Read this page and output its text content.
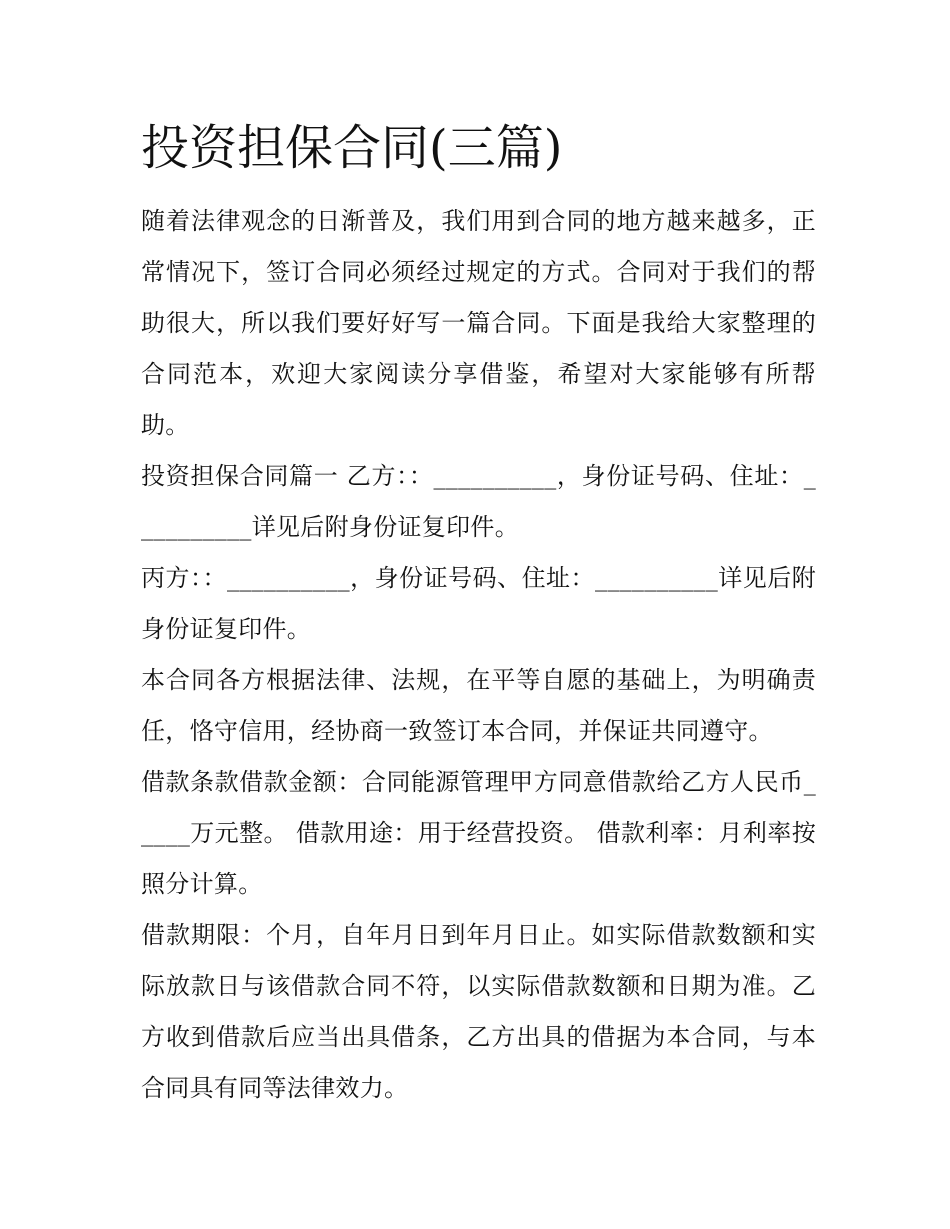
投资担保合同(三篇)

随着法律观念的日渐普及，我们用到合同的地方越来越多，正常情况下，签订合同必须经过规定的方式。合同对于我们的帮助很大，所以我们要好好写一篇合同。下面是我给大家整理的合同范本，欢迎大家阅读分享借鉴，希望对大家能够有所帮助。

投资担保合同篇一 乙方：：__________，身份证号码、住址：__________详见后附身份证复印件。

丙方：：__________，身份证号码、住址：__________详见后附身份证复印件。

本合同各方根据法律、法规，在平等自愿的基础上，为明确责任，恪守信用，经协商一致签订本合同，并保证共同遵守。

借款条款借款金额：合同能源管理甲方同意借款给乙方人民币_____万元整。 借款用途：用于经营投资。 借款利率：月利率按照分计算。

借款期限：个月，自年月日到年月日止。如实际借款数额和实际放款日与该借款合同不符，以实际借款数额和日期为准。乙方收到借款后应当出具借条，乙方出具的借据为本合同，与本合同具有同等法律效力。
